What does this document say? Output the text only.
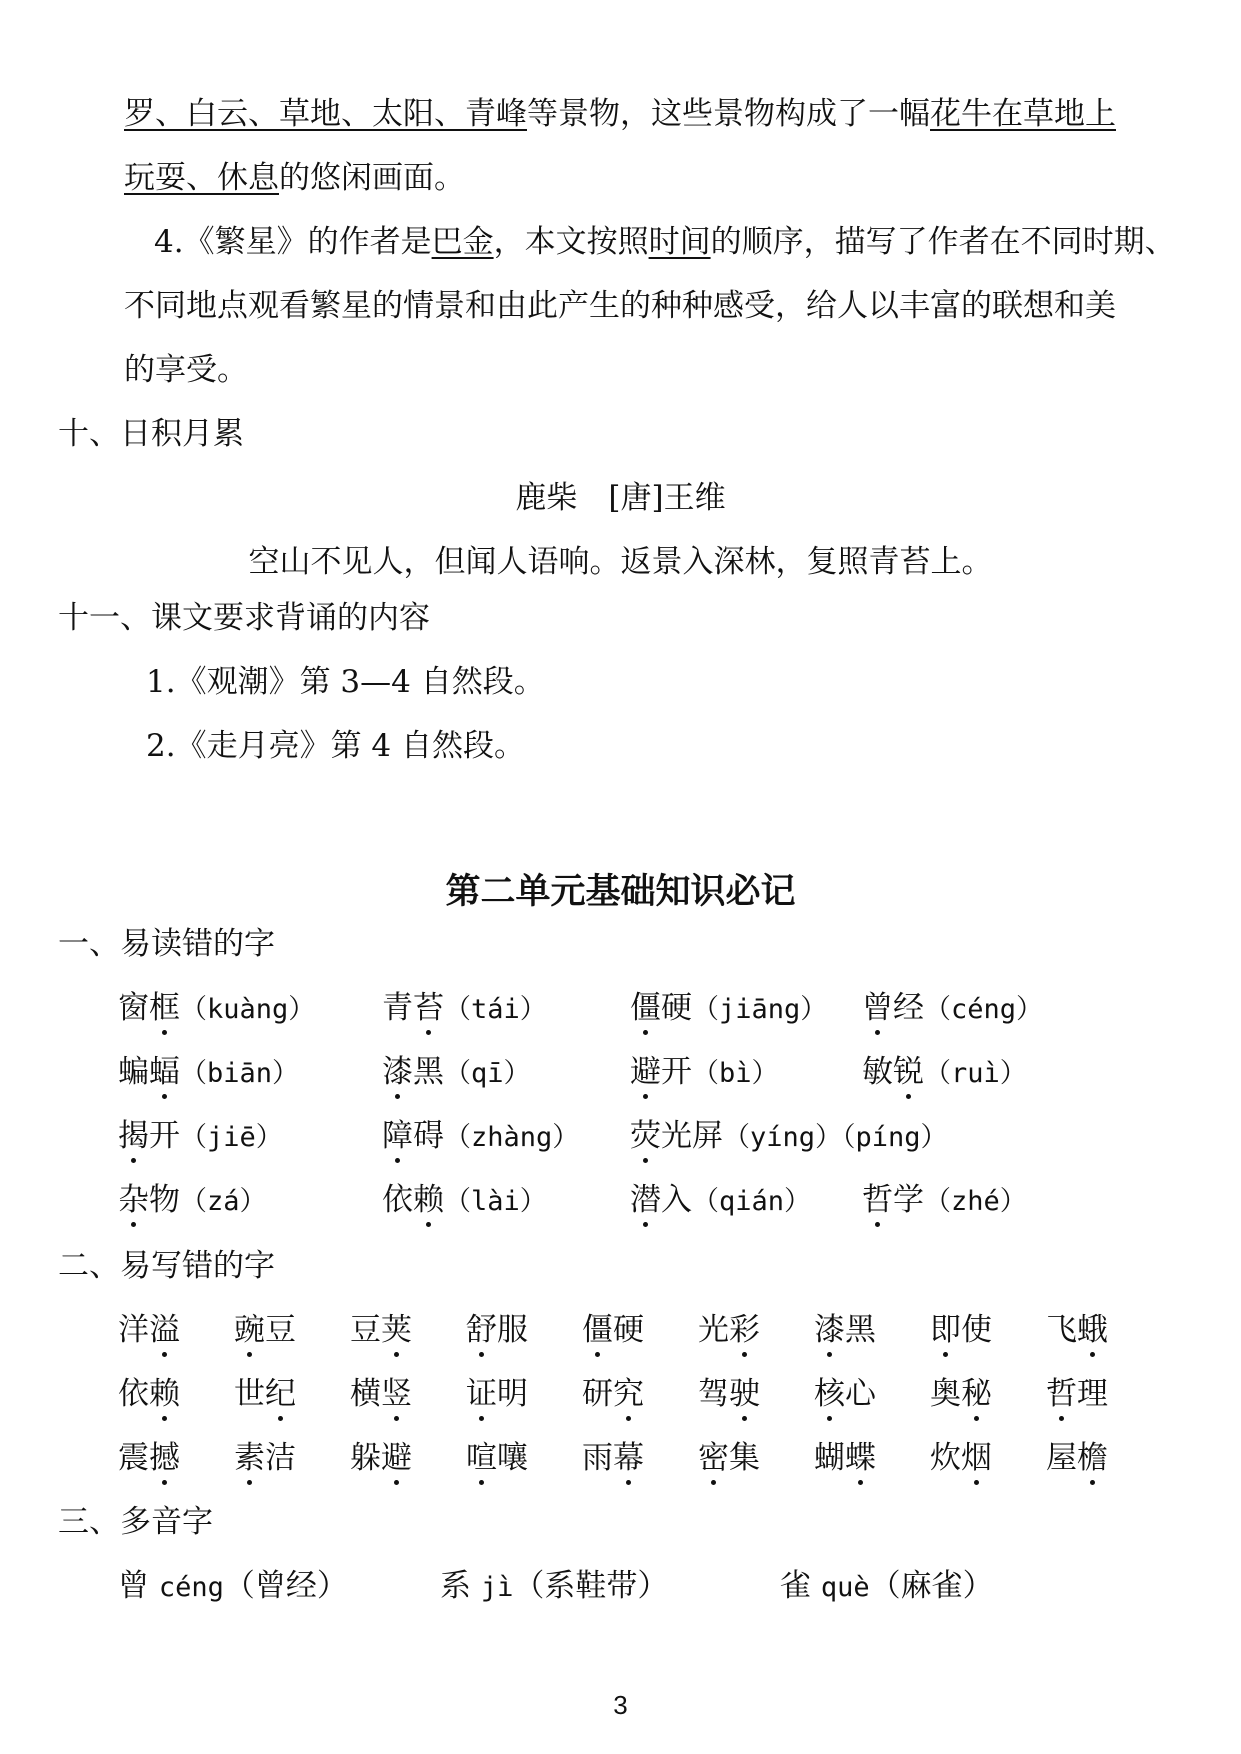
罗、白云、草地、太阳、青峰等景物，这些景物构成了一幅花牛在草地上
玩耍、休息的悠闲画面。
4.《繁星》的作者是巴金，本文按照时间的顺序，描写了作者在不同时期、
不同地点观看繁星的情景和由此产生的种种感受，给人以丰富的联想和美
的享受。
十、日积月累
鹿柴　[唐]王维
空山不见人，但闻人语响。返景入深林，复照青苔上。
十一、课文要求背诵的内容
1.《观潮》第 3—4 自然段。
2.《走月亮》第 4 自然段。
第二单元基础知识必记
一、易读错的字
窗框（kuàng） 青苔（tái）	僵硬（jiāng） 曾经（céng）
蝙蝠（biān）	漆黑（qī）	避开（bì）	敏锐（ruì）
揭开（jiē）	障碍（zhàng） 荧光屏（yíng）（píng）
杂物（zá）	依赖（lài）	潜入（qián） 哲学（zhé）
二、易写错的字
洋溢 豌豆 豆荚 舒服 僵硬 光彩 漆黑 即使 飞蛾
依赖 世纪 横竖 证明 研究 驾驶 核心 奥秘 哲理
震撼 素洁 躲避 喧嚷 雨幕 密集 蝴蝶 炊烟 屋檐
三、多音字
曾 céng（曾经）	系 jì（系鞋带）	雀 què（麻雀）
3
